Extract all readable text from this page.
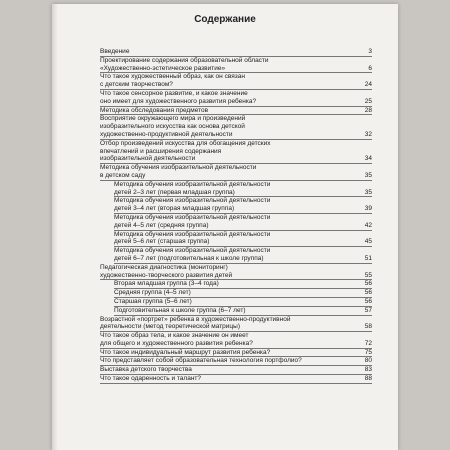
Содержание
Введение	3
Проектирование содержания образовательной области
«Художественно-эстетическое развитие»	6
Что такое художественный образ, как он связан
с детским творчеством?	24
Что такое сенсорное развитие, и какое значение
оно имеет для художественного развития ребенка?	25
Методика обследования предметов	28
Восприятие окружающего мира и произведений
изобразительного искусства как основа детской
художественно-продуктивной деятельности	32
Отбор произведений искусства для обогащения детских
впечатлений и расширения содержания
изобразительной деятельности	34
Методика обучения изобразительной деятельности
в детском саду	35
Методика обучения изобразительной деятельности
детей 2–3 лет (первая младшая группа)	35
Методика обучения изобразительной деятельности
детей 3–4 лет (вторая младшая группа)	39
Методика обучения изобразительной деятельности
детей 4–5 лет (средняя группа)	42
Методика обучения изобразительной деятельности
детей 5–6 лет (старшая группа)	45
Методика обучения изобразительной деятельности
детей 6–7 лет (подготовительная к школе группа)	51
Педагогическая диагностика (мониторинг)
художественно-творческого развития детей	55
Вторая младшая группа (3–4 года)	56
Средняя группа (4–5 лет)	56
Старшая группа (5–6 лет)	56
Подготовительная к школе группа (6–7 лет)	57
Возрастной «портрет» ребенка в художественно-продуктивной
деятельности (метод теоретической матрицы)	58
Что такое образ тела, и какое значение он имеет
для общего и художественного развития ребенка?	72
Что такое индивидуальный маршрут развития ребенка?	75
Что представляет собой образовательная технология портфолио?	80
Выставка детского творчества	83
Что такое одаренность и талант?	88
